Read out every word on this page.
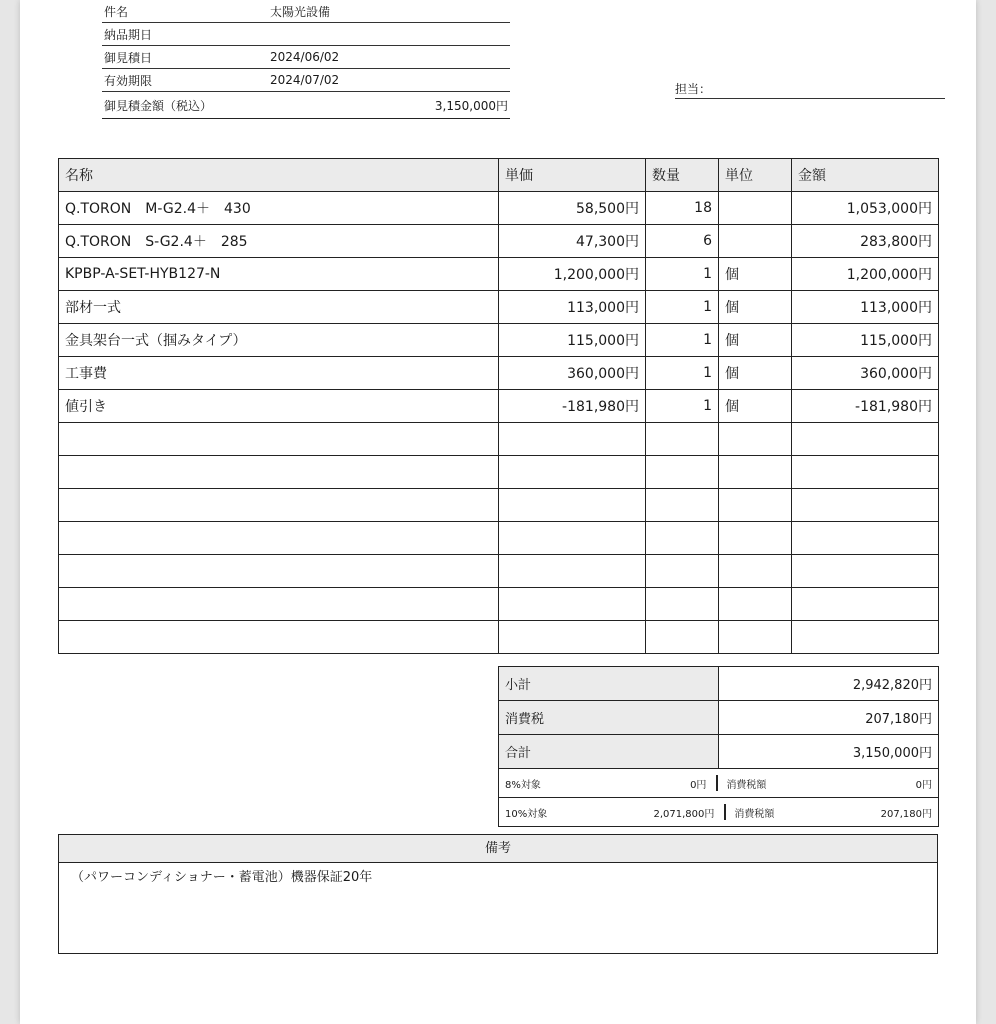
件名	太陽光設備
納品期日	
御見積日	2024/06/02
有効期限	2024/07/02
御見積金額（税込）	3,150,000円
担当：
名称	単価	数量	単位	金額
Q.TORON　M-G2.4＋　430	58,500円	18		1,053,000円
Q.TORON　S-G2.4＋　285	47,300円	6		283,800円
KPBP-A-SET-HYB127-N	1,200,000円	1	個	1,200,000円
部材一式	113,000円	1	個	113,000円
金具架台一式（掴みタイプ）	115,000円	1	個	115,000円
工事費	360,000円	1	個	360,000円
値引き	-181,980円	1	個	-181,980円

小計	2,942,820円
消費税	207,180円
合計	3,150,000円

8%対象 0円 消費税額 0円	

10%対象 2,071,800円 消費税額 207,180円	
備考
（パワーコンディショナー・蓄電池）機器保証20年
